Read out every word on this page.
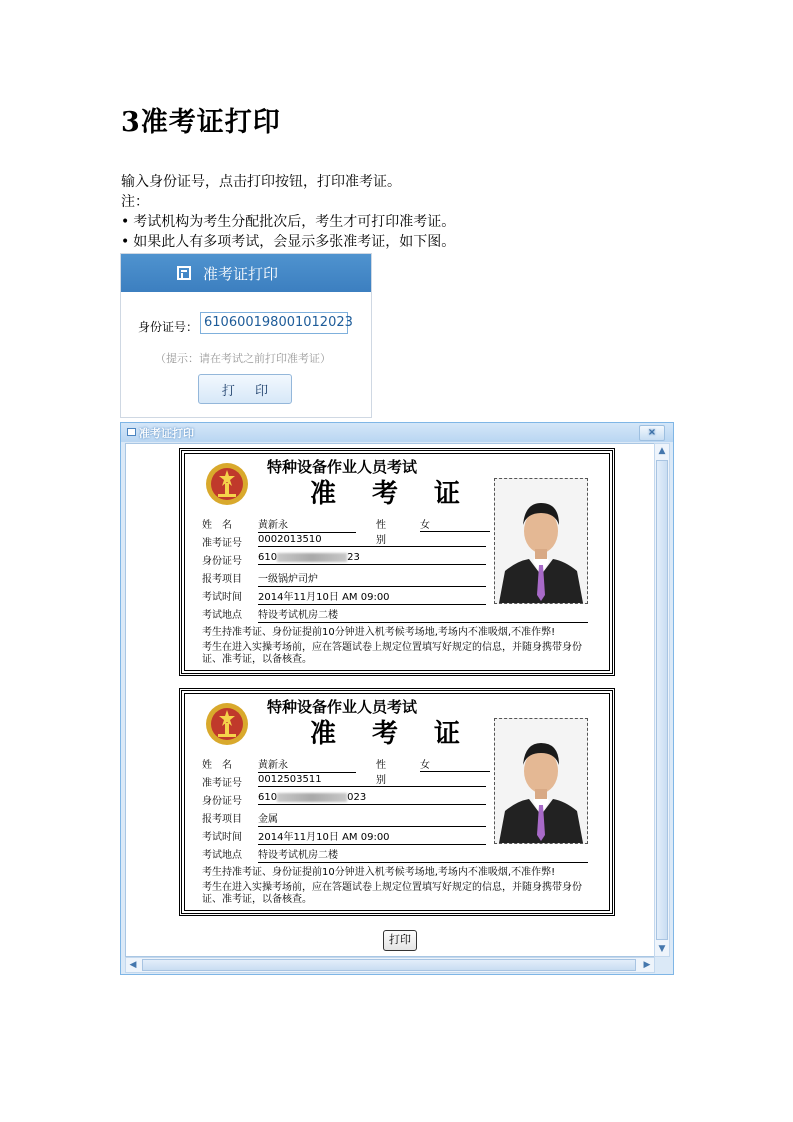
3准考证打印
输入身份证号，点击打印按钮，打印准考证。
注：
• 考试机构为考生分配批次后，考生才可打印准考证。
• 如果此人有多项考试，会显示多张准考证，如下图。
准考证打印
身份证号： 610600198001012023
（提示：请在考试之前打印准考证）
打 印
准考证打印	×
特种设备作业人员考试
准 考 证
姓　名	黄新永	性　别
女
准考证号 0002013510
身份证号 610	23
报考项目 一级锅炉司炉
考试时间 2014年11月10日 AM 09:00
考试地点 特设考试机房二楼
考生持准考证、身份证提前10分钟进入机考候考场地,考场内不准吸烟,不准作弊!
考生在进入实操考场前，应在答题试卷上规定位置填写好规定的信息，并随身携带身份证、准考证，以备核查。
特种设备作业人员考试
准 考 证
姓　名	黄新永	性　别
女
准考证号 0012503511
身份证号 610	023
报考项目 金属
考试时间 2014年11月10日 AM 09:00
考试地点 特设考试机房二楼
考生持准考证、身份证提前10分钟进入机考候考场地,考场内不准吸烟,不准作弊!
考生在进入实操考场前，应在答题试卷上规定位置填写好规定的信息，并随身携带身份证、准考证，以备核查。
打印
▲
▼
◀	▶
